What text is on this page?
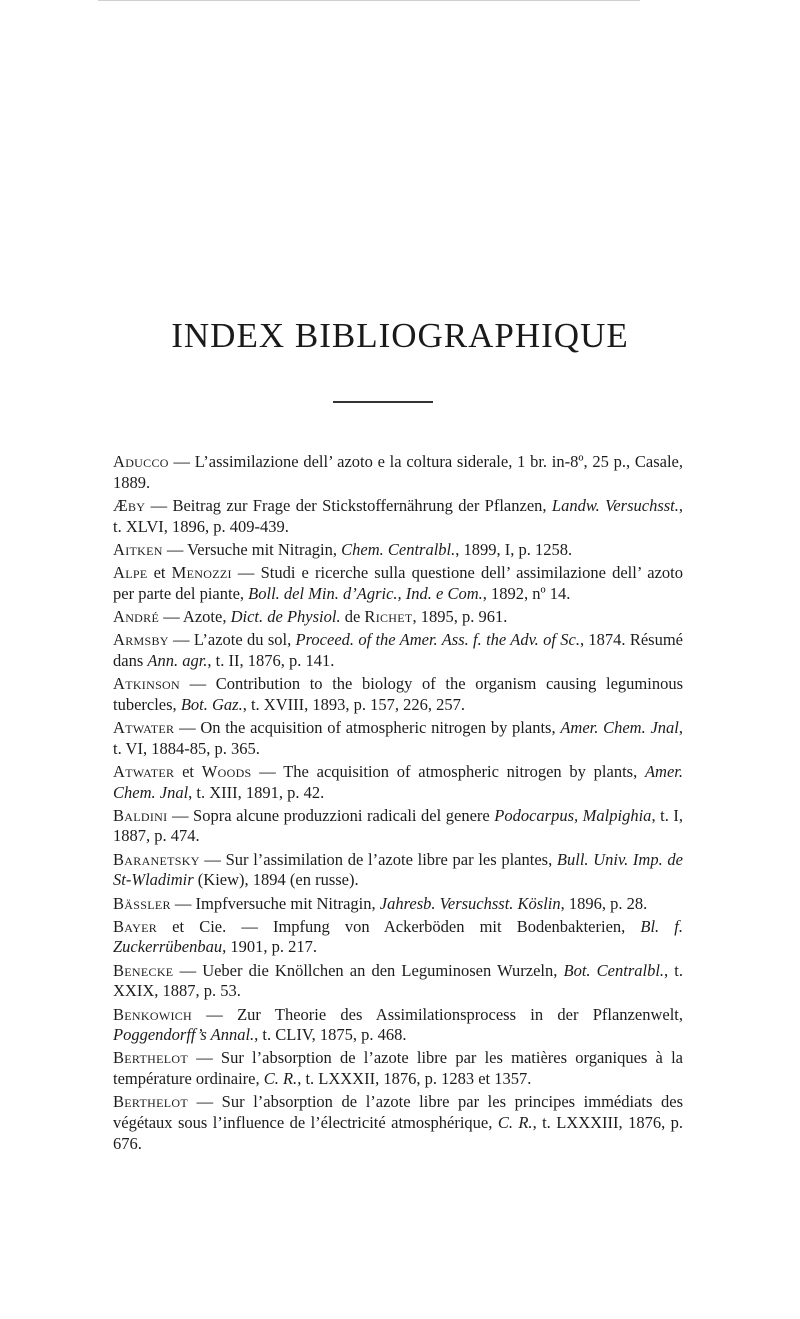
INDEX BIBLIOGRAPHIQUE

Aducco — L’assimilazione dell’ azoto e la coltura siderale, 1 br. in-8º, 25 p., Casale, 1889.

Æby — Beitrag zur Frage der Stickstoffernährung der Pflanzen, Landw. Versuchsst., t. XLVI, 1896, p. 409-439.

Aitken — Versuche mit Nitragin, Chem. Centralbl., 1899, I, p. 1258.

Alpe et Menozzi — Studi e ricerche sulla questione dell’ assimilazione dell’ azoto per parte del piante, Boll. del Min. d’Agric., Ind. e Com., 1892, nº 14.

André — Azote, Dict. de Physiol. de Richet, 1895, p. 961.

Armsby — L’azote du sol, Proceed. of the Amer. Ass. f. the Adv. of Sc., 1874. Résumé dans Ann. agr., t. II, 1876, p. 141.

Atkinson — Contribution to the biology of the organism causing leguminous tubercles, Bot. Gaz., t. XVIII, 1893, p. 157, 226, 257.

Atwater — On the acquisition of atmospheric nitrogen by plants, Amer. Chem. Jnal, t. VI, 1884-85, p. 365.

Atwater et Woods — The acquisition of atmospheric nitrogen by plants, Amer. Chem. Jnal, t. XIII, 1891, p. 42.

Baldini — Sopra alcune produzzioni radicali del genere Podocarpus, Malpighia, t. I, 1887, p. 474.

Baranetsky — Sur l’assimilation de l’azote libre par les plantes, Bull. Univ. Imp. de St-Wladimir (Kiew), 1894 (en russe).

Bässler — Impfversuche mit Nitragin, Jahresb. Versuchsst. Köslin, 1896, p. 28.

Bayer et Cie. — Impfung von Ackerböden mit Bodenbakterien, Bl. f. Zuckerrübenbau, 1901, p. 217.

Benecke — Ueber die Knöllchen an den Leguminosen Wurzeln, Bot. Centralbl., t. XXIX, 1887, p. 53.

Benkowich — Zur Theorie des Assimilationsprocess in der Pflanzenwelt, Poggendorff’s Annal., t. CLIV, 1875, p. 468.

Berthelot — Sur l’absorption de l’azote libre par les matières organiques à la température ordinaire, C. R., t. LXXXII, 1876, p. 1283 et 1357.

Berthelot — Sur l’absorption de l’azote libre par les principes immédiats des végétaux sous l’influence de l’électricité atmosphérique, C. R., t. LXXXIII, 1876, p. 676.
